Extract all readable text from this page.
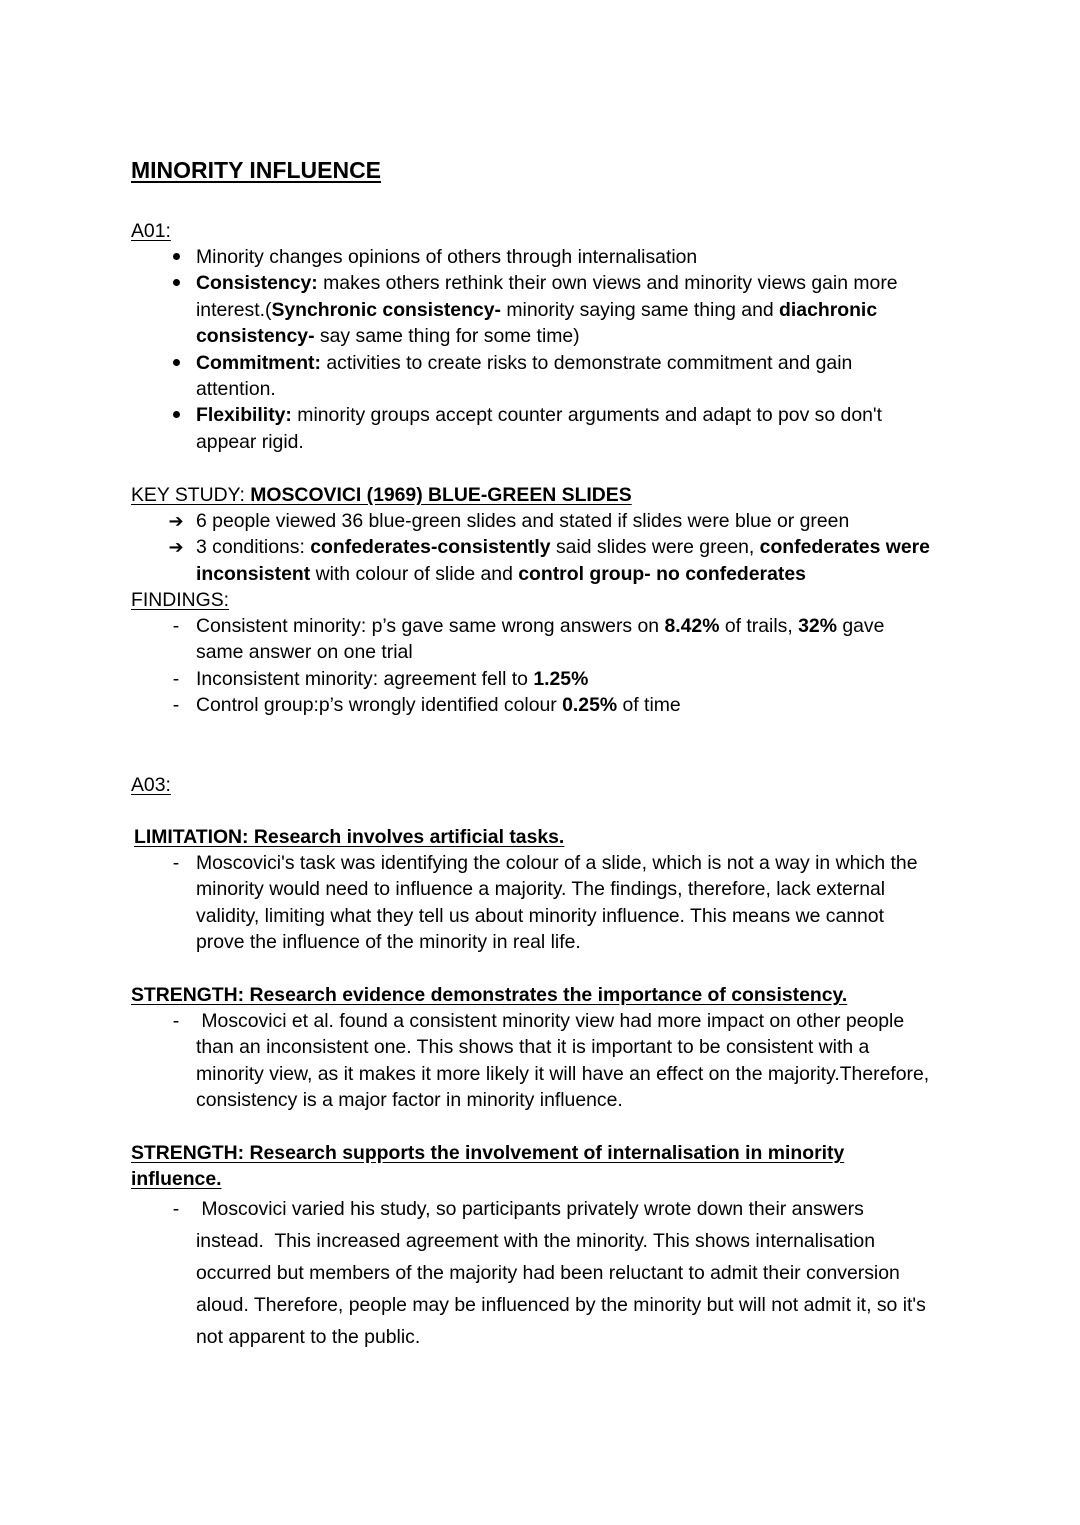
MINORITY INFLUENCE
A01:
Minority changes opinions of others through internalisation
Consistency: makes others rethink their own views and minority views gain more interest.(Synchronic consistency- minority saying same thing and diachronic consistency- say same thing for some time)
Commitment: activities to create risks to demonstrate commitment and gain attention.
Flexibility: minority groups accept counter arguments and adapt to pov so don't appear rigid.
KEY STUDY: MOSCOVICI (1969) BLUE-GREEN SLIDES
➔ 6 people viewed 36 blue-green slides and stated if slides were blue or green
➔ 3 conditions: confederates-consistently said slides were green, confederates were inconsistent with colour of slide and control group- no confederates
FINDINGS:
- Consistent minority: p’s gave same wrong answers on 8.42% of trails, 32% gave same answer on one trial
- Inconsistent minority: agreement fell to 1.25%
- Control group:p’s wrongly identified colour 0.25% of time
A03:
LIMITATION: Research involves artificial tasks.
- Moscovici's task was identifying the colour of a slide, which is not a way in which the minority would need to influence a majority. The findings, therefore, lack external validity, limiting what they tell us about minority influence. This means we cannot prove the influence of the minority in real life.
STRENGTH: Research evidence demonstrates the importance of consistency.
- Moscovici et al. found a consistent minority view had more impact on other people than an inconsistent one. This shows that it is important to be consistent with a minority view, as it makes it more likely it will have an effect on the majority.Therefore, consistency is a major factor in minority influence.
STRENGTH: Research supports the involvement of internalisation in minority influence.
- Moscovici varied his study, so participants privately wrote down their answers instead.  This increased agreement with the minority. This shows internalisation occurred but members of the majority had been reluctant to admit their conversion aloud. Therefore, people may be influenced by the minority but will not admit it, so it's not apparent to the public.
